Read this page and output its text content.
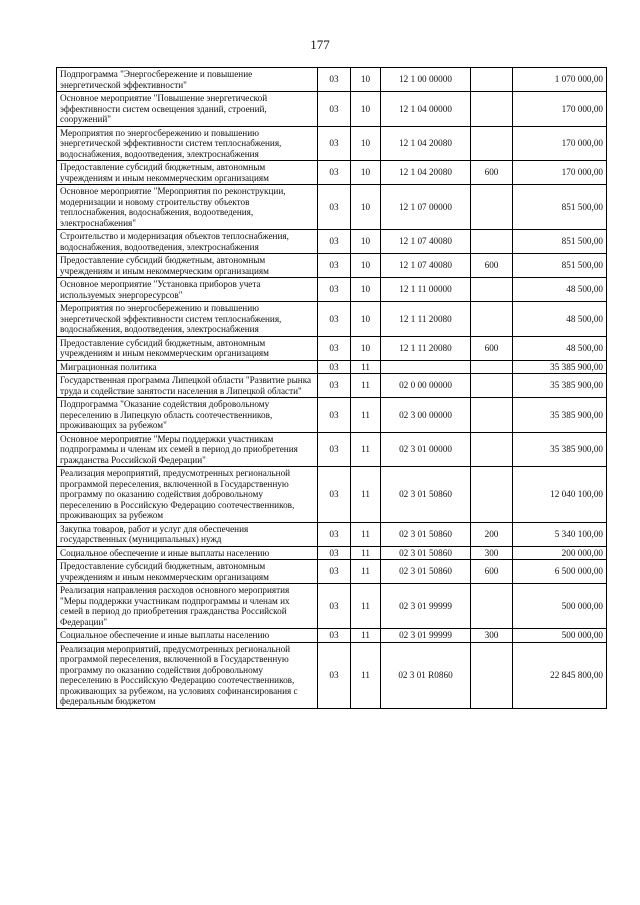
177
Подпрограмма "Энергосбережение и повышение энергетической эффективности"	03	10	12 1 00 00000		1 070 000,00
Основное мероприятие "Повышение энергетической эффективности систем освещения зданий, строений, сооружений"	03	10	12 1 04 00000		170 000,00
Мероприятия по энергосбережению и повышению энергетической эффективности систем теплоснабжения, водоснабжения, водоотведения, электроснабжения	03	10	12 1 04 20080		170 000,00
Предоставление субсидий бюджетным, автономным учреждениям и иным некоммерческим организациям	03	10	12 1 04 20080	600	170 000,00
Основное мероприятие "Мероприятия по реконструкции, модернизации и новому строительству объектов теплоснабжения, водоснабжения, водоотведения, электроснабжения"	03	10	12 1 07 00000		851 500,00
Строительство и модернизация объектов теплоснабжения, водоснабжения, водоотведения, электроснабжения	03	10	12 1 07 40080		851 500,00
Предоставление субсидий бюджетным, автономным учреждениям и иным некоммерческим организациям	03	10	12 1 07 40080	600	851 500,00
Основное мероприятие "Установка приборов учета используемых энергоресурсов"	03	10	12 1 11 00000		48 500,00
Мероприятия по энергосбережению и повышению энергетической эффективности систем теплоснабжения, водоснабжения, водоотведения, электроснабжения	03	10	12 1 11 20080		48 500,00
Предоставление субсидий бюджетным, автономным учреждениям и иным некоммерческим организациям	03	10	12 1 11 20080	600	48 500,00
Миграционная политика	03	11			35 385 900,00
Государственная программа Липецкой области "Развитие рынка труда и содействие занятости населения в Липецкой области"	03	11	02 0 00 00000		35 385 900,00
Подпрограмма "Оказание содействия добровольному переселению в Липецкую область соотечественников, проживающих за рубежом"	03	11	02 3 00 00000		35 385 900,00
Основное мероприятие "Меры поддержки участникам подпрограммы и членам их семей в период до приобретения гражданства Российской Федерации"	03	11	02 3 01 00000		35 385 900,00
Реализация мероприятий, предусмотренных региональной программой переселения, включенной в Государственную программу по оказанию содействия добровольному переселению в Российскую Федерацию соотечественников, проживающих за рубежом	03	11	02 3 01 50860		12 040 100,00
Закупка товаров, работ и услуг для обеспечения государственных (муниципальных) нужд	03	11	02 3 01 50860	200	5 340 100,00
Социальное обеспечение и иные выплаты населению	03	11	02 3 01 50860	300	200 000,00
Предоставление субсидий бюджетным, автономным учреждениям и иным некоммерческим организациям	03	11	02 3 01 50860	600	6 500 000,00
Реализация направления расходов основного мероприятия "Меры поддержки участникам подпрограммы и членам их семей в период до приобретения гражданства Российской Федерации"	03	11	02 3 01 99999		500 000,00
Социальное обеспечение и иные выплаты населению	03	11	02 3 01 99999	300	500 000,00
Реализация мероприятий, предусмотренных региональной программой переселения, включенной в Государственную программу по оказанию содействия добровольному переселению в Российскую Федерацию соотечественников, проживающих за рубежом, на условиях софинансирования с федеральным бюджетом	03	11	02 3 01 R0860		22 845 800,00
